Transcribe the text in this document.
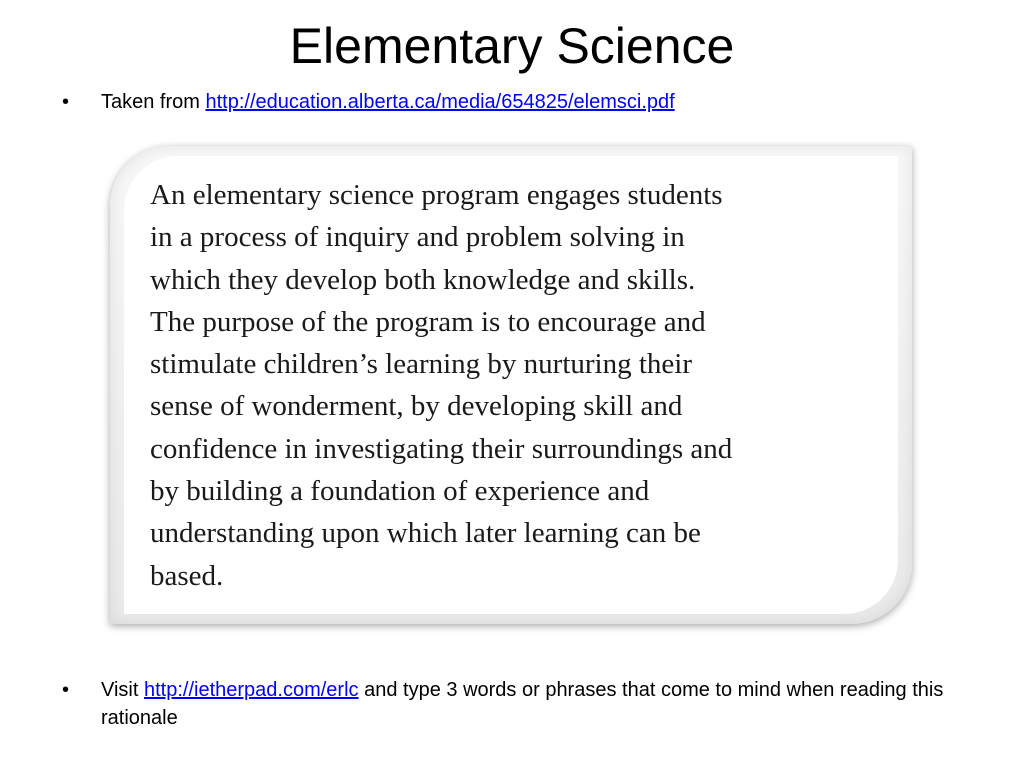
Elementary Science
• Taken from http://education.alberta.ca/media/654825/elemsci.pdf
An elementary science program engages students
in a process of inquiry and problem solving in
which they develop both knowledge and skills.
The purpose of the program is to encourage and
stimulate children’s learning by nurturing their
sense of wonderment, by developing skill and
confidence in investigating their surroundings and
by building a foundation of experience and
understanding upon which later learning can be
based.
• Visit http://ietherpad.com/erlc and type 3 words or phrases that come to mind when reading this rationale
